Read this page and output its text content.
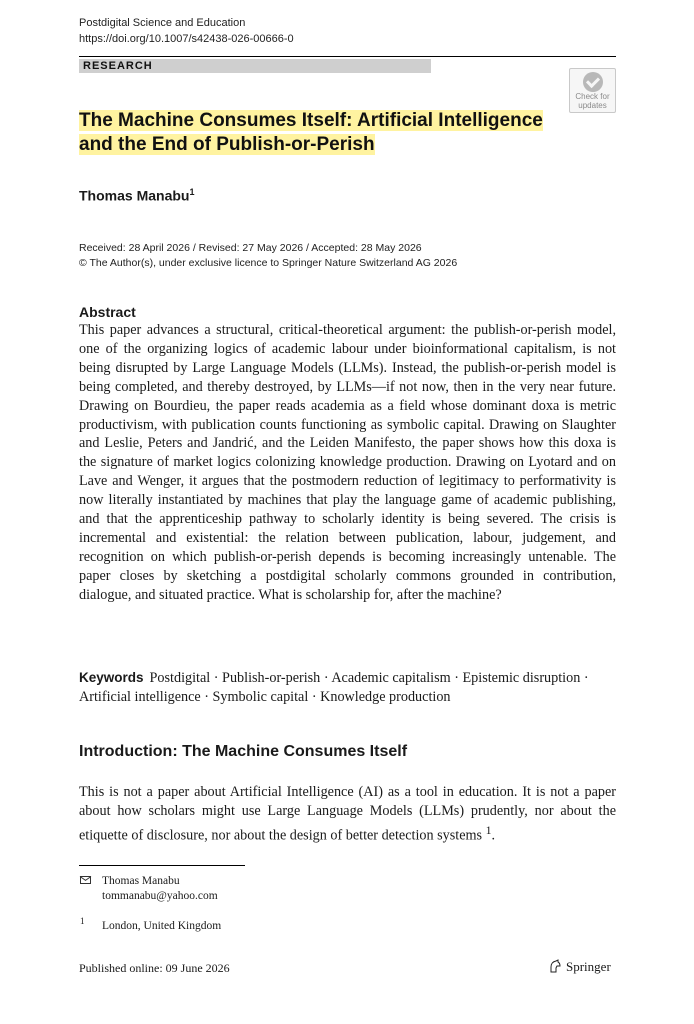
Postdigital Science and Education
https://doi.org/10.1007/s42438-026-00666-0
RESEARCH
Check for updates
The Machine Consumes Itself: Artificial Intelligence and the End of Publish-or-Perish
Thomas Manabu$^1$
Received: 28 April 2026 / Revised: 27 May 2026 / Accepted: 28 May 2026
© The Author(s), under exclusive licence to Springer Nature Switzerland AG 2026
Abstract

This paper advances a structural, critical-theoretical argument: the publish-or-perish model, one of the organizing logics of academic labour under bioinformational capitalism, is not being disrupted by Large Language Models (LLMs). Instead, the publish-or-perish model is being completed, and thereby destroyed, by LLMs—if not now, then in the very near future. Drawing on Bourdieu, the paper reads academia as a field whose dominant doxa is metric productivism, with publication counts functioning as symbolic capital. Drawing on Slaughter and Leslie, Peters and Jandrić, and the Leiden Manifesto, the paper shows how this doxa is the signature of market logics colonizing knowledge production. Drawing on Lyotard and on Lave and Wenger, it argues that the postmodern reduction of legitimacy to performativity is now literally instantiated by machines that play the language game of academic publishing, and that the apprenticeship pathway to scholarly identity is being severed. The crisis is incremental and existential: the relation between publication, labour, judgement, and recognition on which publish-or-perish depends is becoming increasingly untenable. The paper closes by sketching a postdigital scholarly commons grounded in contribution, dialogue, and situated practice. What is scholarship for, after the machine?

Keywords Postdigital · Publish-or-perish · Academic capitalism · Epistemic disruption · Artificial intelligence · Symbolic capital · Knowledge production
Introduction: The Machine Consumes Itself

This is not a paper about Artificial Intelligence (AI) as a tool in education. It is not a paper about how scholars might use Large Language Models (LLMs) prudently, nor about the etiquette of disclosure, nor about the design of better detection systems $^1$.

Thomas Manabu
tommanabu@yahoo.com
1 London, United Kingdom
Published online: 09 June 2026	Springer
